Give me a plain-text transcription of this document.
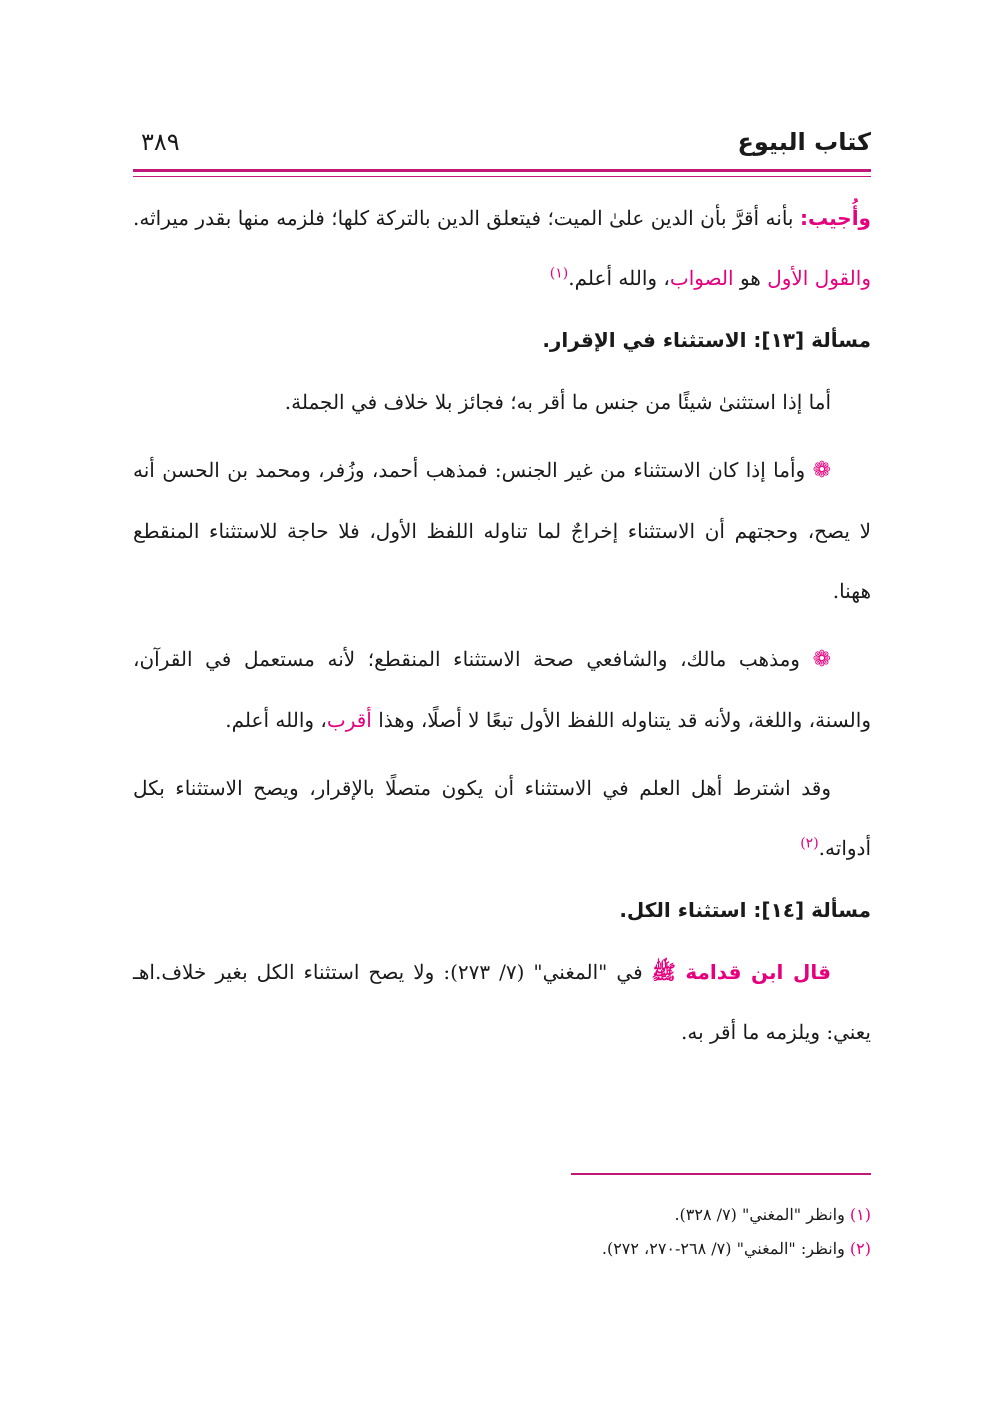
كتاب البيوع
٣٨٩

وأُجيب: بأنه أقرَّ بأن الدين علىٰ الميت؛ فيتعلق الدين بالتركة كلها؛ فلزمه منها بقدر ميراثه. والقول الأول هو الصواب، والله أعلم.$^{(١)}$

مسألة [١٣]: الاستثناء في الإقرار.

أما إذا استثنىٰ شيئًا من جنس ما أقر به؛ فجائز بلا خلاف في الجملة.

❁ وأما إذا كان الاستثناء من غير الجنس: فمذهب أحمد، وزُفر، ومحمد بن الحسن أنه لا يصح، وحجتهم أن الاستثناء إخراجٌ لما تناوله اللفظ الأول، فلا حاجة للاستثناء المنقطع ههنا.

❁ ومذهب مالك، والشافعي صحة الاستثناء المنقطع؛ لأنه مستعمل في القرآن، والسنة، واللغة، ولأنه قد يتناوله اللفظ الأول تبعًا لا أصلًا، وهذا أقرب، والله أعلم.

وقد اشترط أهل العلم في الاستثناء أن يكون متصلًا بالإقرار، ويصح الاستثناء بكل أدواته.$^{(٢)}$

مسألة [١٤]: استثناء الكل.

قال ابن قدامة ﷺ في "المغني" (٧/ ٢٧٣): ولا يصح استثناء الكل بغير خلاف.اهـ يعني: ويلزمه ما أقر به.

(١) وانظر "المغني" (٧/ ٣٢٨).

(٢) وانظر: "المغني" (٧/ ٢٦٨-٢٧٠، ٢٧٢).
